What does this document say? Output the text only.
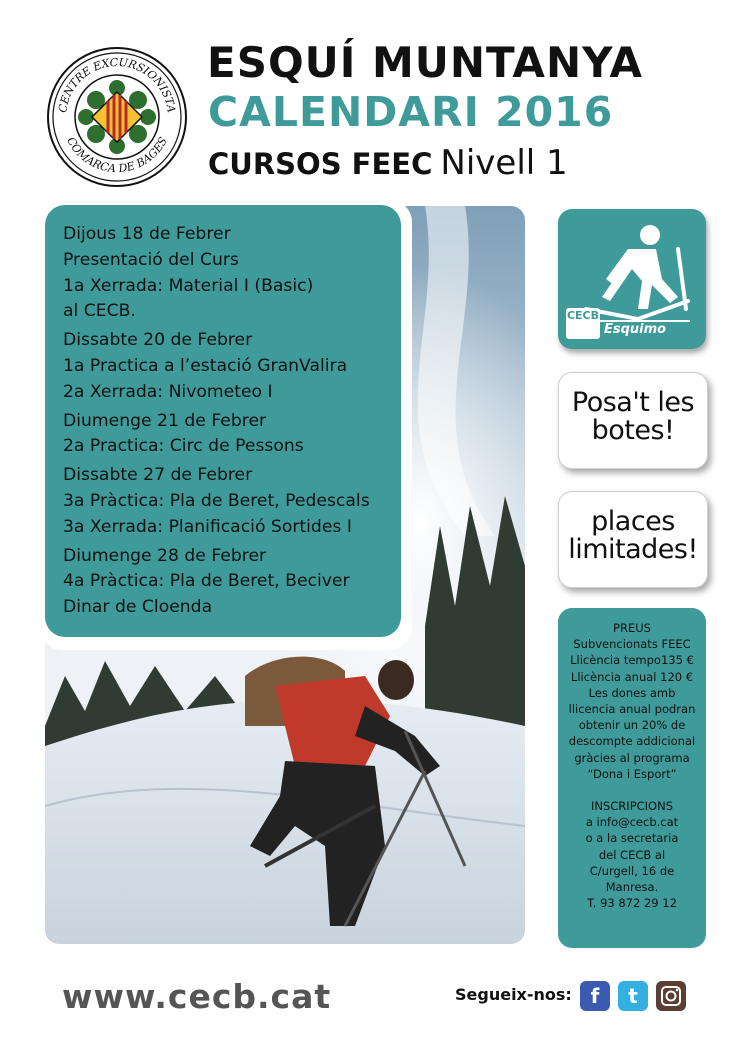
CENTRE EXCURSIONISTA
COMARCA DE BAGES
ESQUÍ MUNTANYA
CALENDARI 2016
CURSOS FEEC Nivell 1
Dijous 18 de Febrer
Presentació del Curs
1a Xerrada: Material I (Basic)
al CECB.
Dissabte 20 de Febrer
1a Practica a l’estació GranValira
2a Xerrada: Nivometeo I
Diumenge 21 de Febrer
2a Practica: Circ de Pessons
Dissabte 27 de Febrer
3a Pràctica: Pla de Beret, Pedescals
3a Xerrada: Planificació Sortides I
Diumenge 28 de Febrer
4a Pràctica: Pla de Beret, Beciver
Dinar de Cloenda
CECB
Esquimo
Posa't les botes!
places limitades!
PREUS
Subvencionats FEEC
Llicència tempo135 €
Llicència anual 120 €
Les dones amb
llicencia anual podran
obtenir un 20% de
descompte addicional
gràcies al programa
“Dona i Esport”
INSCRIPCIONS
a info@cecb.cat
o a la secretaria
del CECB al
C/urgell, 16 de
Manresa.
T. 93 872 29 12
www.cecb.cat	Segueix-nos: f	t
